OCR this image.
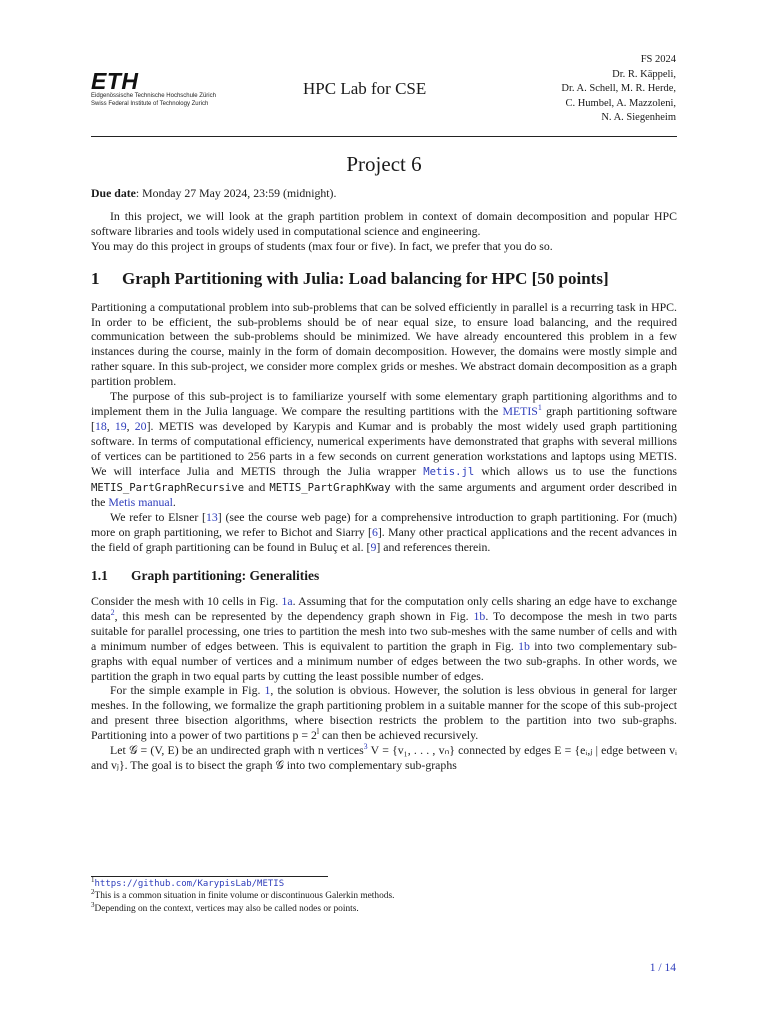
ETH
Eidgenössische Technische Hochschule Zürich
Swiss Federal Institute of Technology Zurich
HPC Lab for CSE
FS 2024
Dr. R. Käppeli,
Dr. A. Schell, M. R. Herde,
C. Humbel, A. Mazzoleni,
N. A. Siegenheim
Project 6

Due date: Monday 27 May 2024, 23:59 (midnight).

In this project, we will look at the graph partition problem in context of domain decomposition and popular HPC software libraries and tools widely used in computational science and engineering.

You may do this project in groups of students (max four or five). In fact, we prefer that you do so.

1	Graph Partitioning with Julia: Load balancing for HPC [50 points]

Partitioning a computational problem into sub-problems that can be solved efficiently in parallel is a recurring task in HPC. In order to be efficient, the sub-problems should be of near equal size, to ensure load balancing, and the required communication between the sub-problems should be minimized. We have already encountered this problem in a few instances during the course, mainly in the form of domain decomposition. However, the domains were mostly simple and rather square. In this sub-project, we consider more complex grids or meshes. We abstract domain decomposition as a graph partition problem.

The purpose of this sub-project is to familiarize yourself with some elementary graph partitioning algorithms and to implement them in the Julia language. We compare the resulting partitions with the METIS$^1$ graph partitioning software [18, 19, 20]. METIS was developed by Karypis and Kumar and is probably the most widely used graph partitioning software. In terms of computational efficiency, numerical experiments have demonstrated that graphs with several millions of vertices can be partitioned to 256 parts in a few seconds on current generation workstations and laptops using METIS. We will interface Julia and METIS through the Julia wrapper Metis.jl which allows us to use the functions METIS_PartGraphRecursive and METIS_PartGraphKway with the same arguments and argument order described in the Metis manual.

We refer to Elsner [13] (see the course web page) for a comprehensive introduction to graph partitioning. For (much) more on graph partitioning, we refer to Bichot and Siarry [6]. Many other practical applications and the recent advances in the field of graph partitioning can be found in Buluç et al. [9] and references therein.

1.1	Graph partitioning: Generalities

Consider the mesh with 10 cells in Fig. 1a. Assuming that for the computation only cells sharing an edge have to exchange data$^2$, this mesh can be represented by the dependency graph shown in Fig. 1b. To decompose the mesh in two parts suitable for parallel processing, one tries to partition the mesh into two sub-meshes with the same number of cells and with a minimum number of edges between. This is equivalent to partition the graph in Fig. 1b into two complementary sub-graphs with equal number of vertices and a minimum number of edges between the two sub-graphs. In other words, we partition the graph in two equal parts by cutting the least possible number of edges.

For the simple example in Fig. 1, the solution is obvious. However, the solution is less obvious in general for larger meshes. In the following, we formalize the graph partitioning problem in a suitable manner for the scope of this sub-project and present three bisection algorithms, where bisection restricts the problem to the partition into two sub-graphs. Partitioning into a power of two partitions $p = 2^l$ can then be achieved recursively.

Let 𝒢 = (V, E) be an undirected graph with n vertices$^3$ V = {v₁, . . . , vₙ} connected by edges E = {eᵢ,ⱼ | edge between vᵢ and vⱼ}. The goal is to bisect the graph 𝒢 into two complementary sub-graphs

$^1$https://github.com/KarypisLab/METIS
$^2$This is a common situation in finite volume or discontinuous Galerkin methods.
$^3$Depending on the context, vertices may also be called nodes or points.
1 / 14
